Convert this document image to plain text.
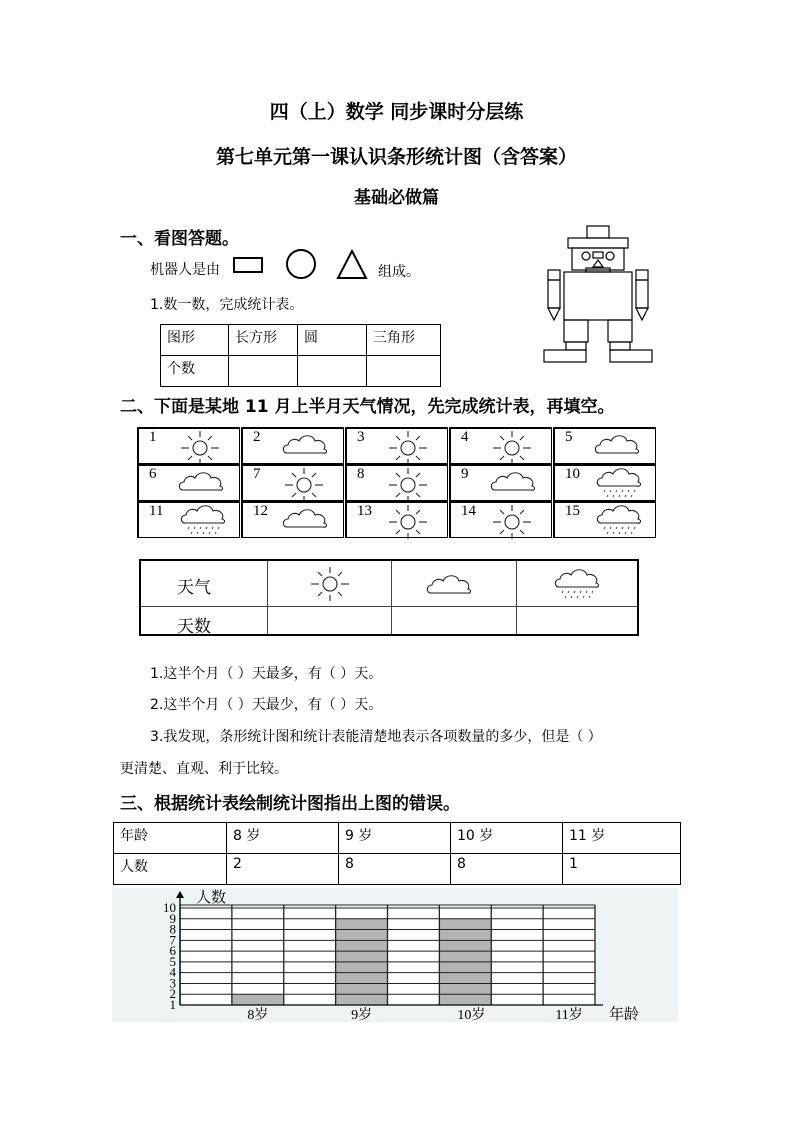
四（上）数学 同步课时分层练
第七单元第一课认识条形统计图（含答案）
基础必做篇
一、看图答题。
机器人是由	组成。
1.数一数，完成统计表。
图形	长方形	圆	三角形
个数			
二、下面是某地 11 月上半月天气情况，先完成统计表，再填空。
1	2	3	4	5
6	7	8	9	10
11	12	13	14	15
天气
天数
1.这半个月（ ）天最多，有（ ）天。
2.这半个月（ ）天最少，有（ ）天。
3.我发现，条形统计图和统计表能清楚地表示各项数量的多少，但是（ ）
更清楚、直观、利于比较。
三、根据统计表绘制统计图指出上图的错误。
年龄	8 岁	9 岁	10 岁	11 岁
人数	2	8	8	1
1
2
3
4
5
6
7
8
9
10
人数
8岁	9岁	10岁	11岁 年龄
